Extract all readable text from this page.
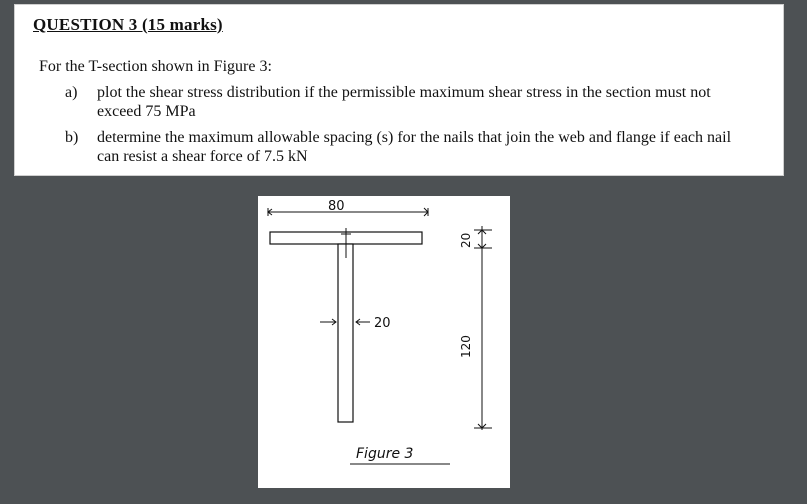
QUESTION 3 (15 marks)
For the T-section shown in Figure 3:
a) plot the shear stress distribution if the permissible maximum shear stress in the section must not exceed 75 MPa
b) determine the maximum allowable spacing (s) for the nails that join the web and flange if each nail can resist a shear force of 7.5 kN
80
20
20
120
Figure 3
